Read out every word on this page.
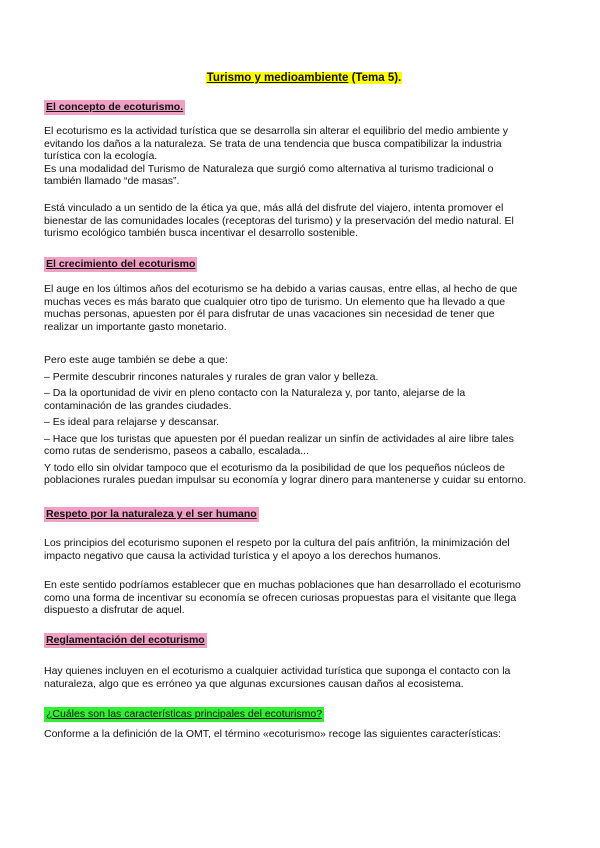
Turismo y medioambiente (Tema 5).
El concepto de ecoturismo.
El ecoturismo es la actividad turística que se desarrolla sin alterar el equilibrio del medio ambiente y
evitando los daños a la naturaleza. Se trata de una tendencia que busca compatibilizar la industria
turística con la ecología.
Es una modalidad del Turismo de Naturaleza que surgió como alternativa al turismo tradicional o
también llamado “de masas”.
Está vinculado a un sentido de la ética ya que, más allá del disfrute del viajero, intenta promover el
bienestar de las comunidades locales (receptoras del turismo) y la preservación del medio natural. El
turismo ecológico también busca incentivar el desarrollo sostenible.
El crecimiento del ecoturismo
El auge en los últimos años del ecoturismo se ha debido a varias causas, entre ellas, al hecho de que
muchas veces es más barato que cualquier otro tipo de turismo. Un elemento que ha llevado a que
muchas personas, apuesten por él para disfrutar de unas vacaciones sin necesidad de tener que
realizar un importante gasto monetario.
Pero este auge también se debe a que:
– Permite descubrir rincones naturales y rurales de gran valor y belleza.
– Da la oportunidad de vivir en pleno contacto con la Naturaleza y, por tanto, alejarse de la
contaminación de las grandes ciudades.
– Es ideal para relajarse y descansar.
– Hace que los turistas que apuesten por él puedan realizar un sinfín de actividades al aire libre tales
como rutas de senderismo, paseos a caballo, escalada...
Y todo ello sin olvidar tampoco que el ecoturismo da la posibilidad de que los pequeños núcleos de
poblaciones rurales puedan impulsar su economía y lograr dinero para mantenerse y cuidar su entorno.
Respeto por la naturaleza y el ser humano
Los principios del ecoturismo suponen el respeto por la cultura del país anfitrión, la minimización del
impacto negativo que causa la actividad turística y el apoyo a los derechos humanos.
En este sentido podríamos establecer que en muchas poblaciones que han desarrollado el ecoturismo
como una forma de incentivar su economía se ofrecen curiosas propuestas para el visitante que llega
dispuesto a disfrutar de aquel.
Reglamentación del ecoturismo
Hay quienes incluyen en el ecoturismo a cualquier actividad turística que suponga el contacto con la
naturaleza, algo que es erróneo ya que algunas excursiones causan daños al ecosistema.
¿Cuáles son las características principales del ecoturismo?
Conforme a la definición de la OMT, el término «ecoturismo» recoge las siguientes características:
